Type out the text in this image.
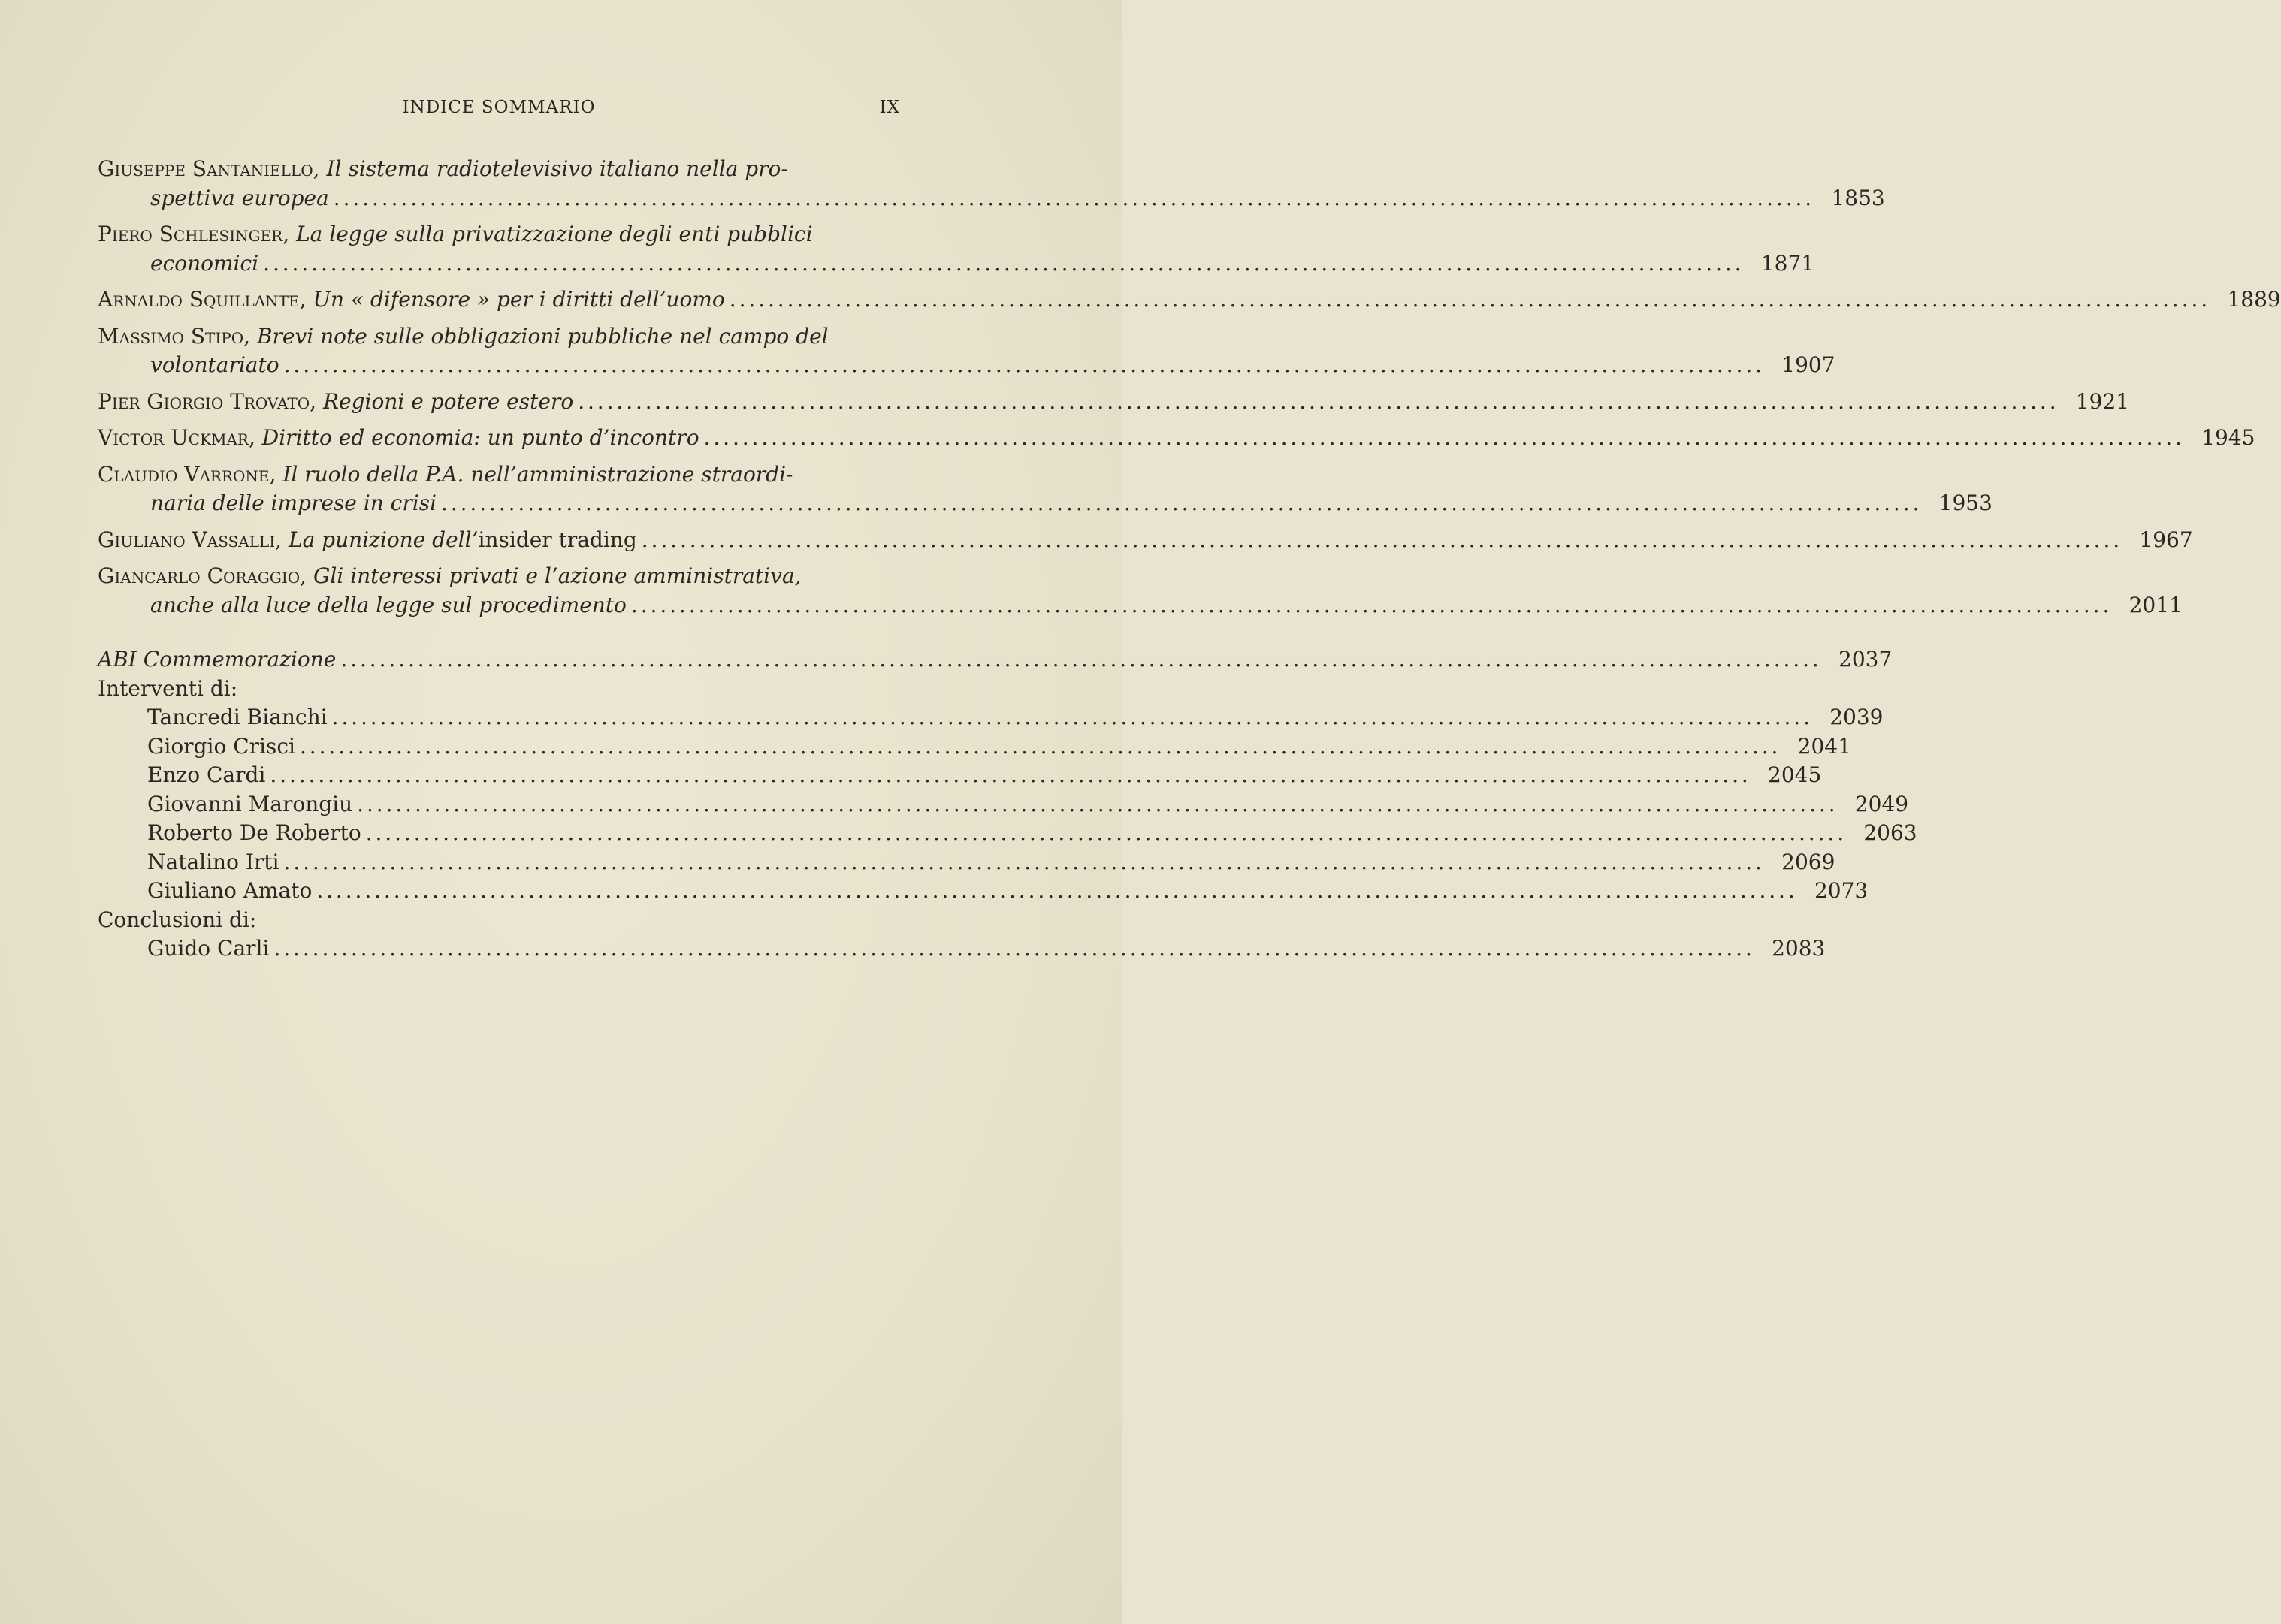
INDICE SOMMARIO	IX
Giuseppe Santaniello, Il sistema radiotelevisivo italiano nella pro-
spettiva europea . . .	1853
Piero Schlesinger, La legge sulla privatizzazione degli enti pubblici
economici . . .	1871
Arnaldo Squillante, Un « difensore » per i diritti dell’uomo . . .	1889
Massimo Stipo, Brevi note sulle obbligazioni pubbliche nel campo del
volontariato . . .	1907
Pier Giorgio Trovato, Regioni e potere estero . . .	1921
Victor Uckmar, Diritto ed economia: un punto d’incontro . . .	1945
Claudio Varrone, Il ruolo della P.A. nell’amministrazione straordi-
naria delle imprese in crisi . . .	1953
Giuliano Vassalli, La punizione dell’insider trading . . .	1967
Giancarlo Coraggio, Gli interessi privati e l’azione amministrativa,
anche alla luce della legge sul procedimento . . .	2011
ABI Commemorazione . . .	2037
Interventi di:
Tancredi Bianchi . . .	2039
Giorgio Crisci . . .	2041
Enzo Cardi . . .	2045
Giovanni Marongiu . . .	2049
Roberto De Roberto . . .	2063
Natalino Irti . . .	2069
Giuliano Amato . . .	2073
Conclusioni di:
Guido Carli . . .	2083
